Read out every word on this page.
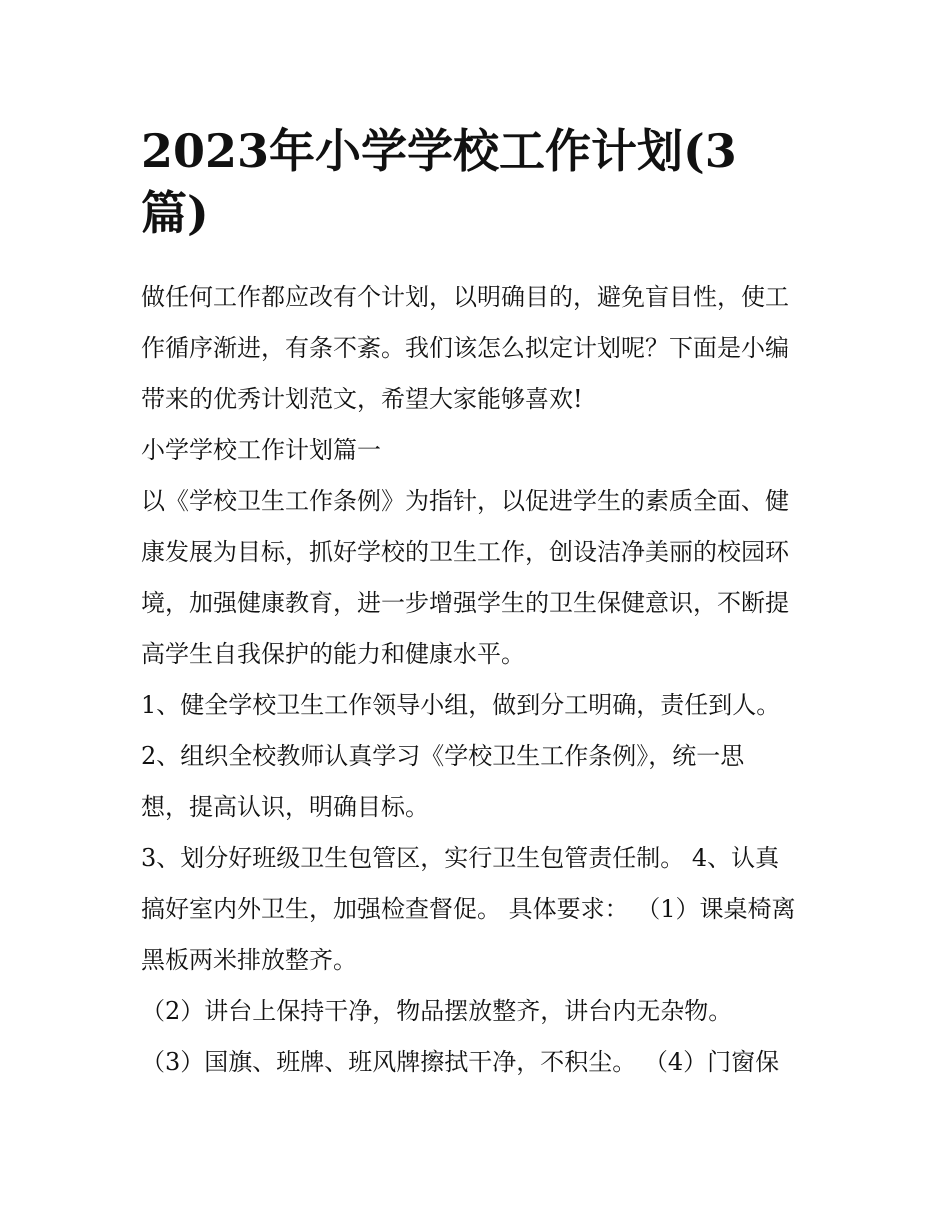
2023年小学学校工作计划(3
篇)

做任何工作都应改有个计划，以明确目的，避免盲目性，使工

作循序渐进，有条不紊。我们该怎么拟定计划呢？下面是小编

带来的优秀计划范文，希望大家能够喜欢!

小学学校工作计划篇一

以《学校卫生工作条例》为指针，以促进学生的素质全面、健

康发展为目标，抓好学校的卫生工作，创设洁净美丽的校园环

境，加强健康教育，进一步增强学生的卫生保健意识，不断提

高学生自我保护的能力和健康水平。

1、健全学校卫生工作领导小组，做到分工明确，责任到人。

2、组织全校教师认真学习《学校卫生工作条例》，统一思

想，提高认识，明确目标。

3、划分好班级卫生包管区，实行卫生包管责任制。 4、认真

搞好室内外卫生，加强检查督促。 具体要求： （1）课桌椅离

黑板两米排放整齐。

（2）讲台上保持干净，物品摆放整齐，讲台内无杂物。

（3）国旗、班牌、班风牌擦拭干净，不积尘。 （4）门窗保
